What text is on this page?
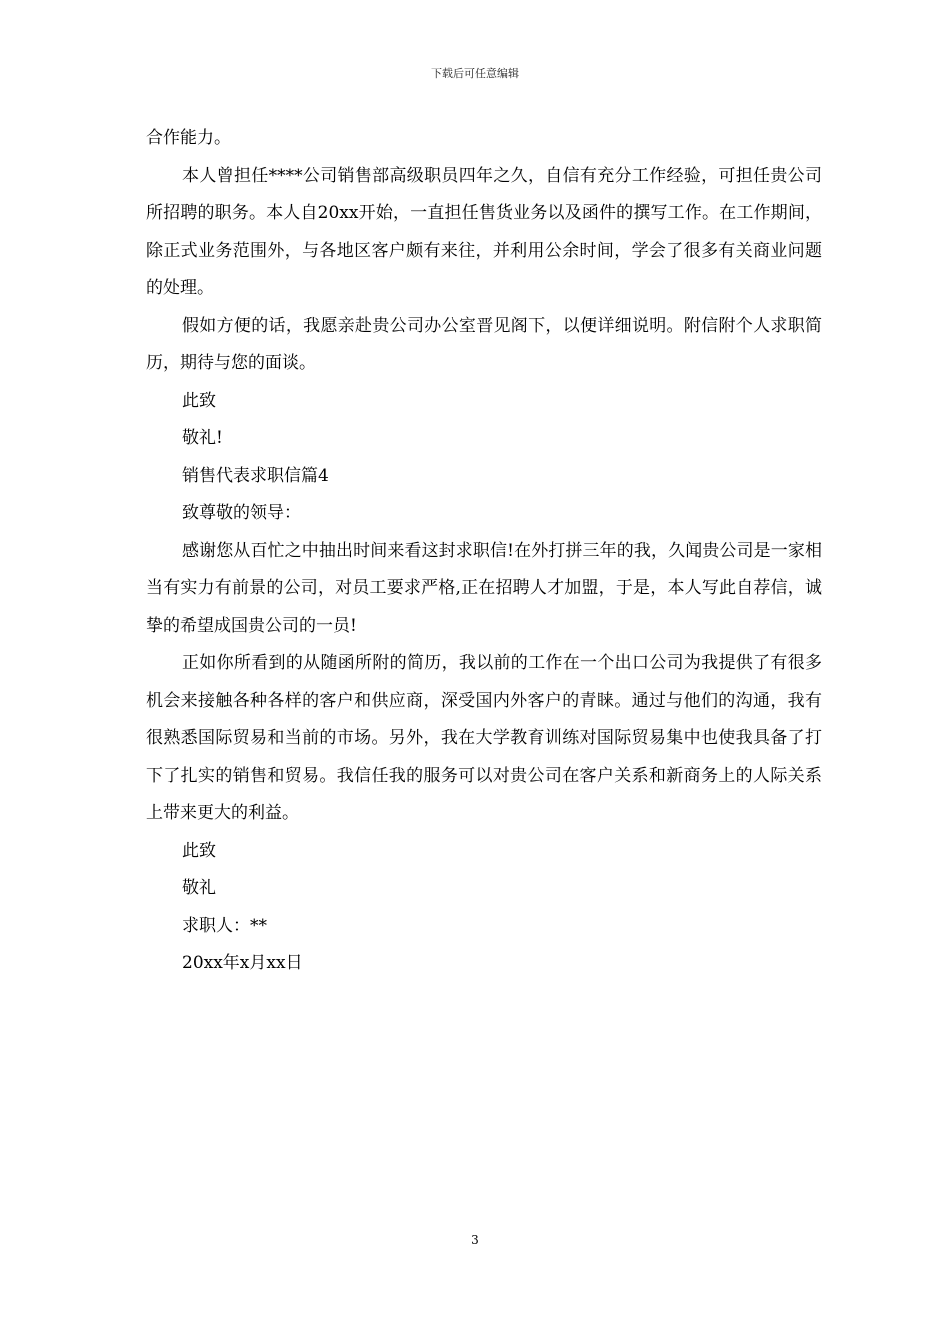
下载后可任意编辑

合作能力。

本人曾担任****公司销售部高级职员四年之久，自信有充分工作经验，可担任贵公司所招聘的职务。本人自20xx开始，一直担任售货业务以及函件的撰写工作。在工作期间，除正式业务范围外，与各地区客户颇有来往，并利用公余时间，学会了很多有关商业问题的处理。

假如方便的话，我愿亲赴贵公司办公室晋见阁下，以便详细说明。附信附个人求职简历，期待与您的面谈。

此致

敬礼!

销售代表求职信篇4

致尊敬的领导：

感谢您从百忙之中抽出时间来看这封求职信!在外打拼三年的我，久闻贵公司是一家相当有实力有前景的公司，对员工要求严格,正在招聘人才加盟，于是，本人写此自荐信，诚挚的希望成国贵公司的一员!

正如你所看到的从随函所附的简历，我以前的工作在一个出口公司为我提供了有很多机会来接触各种各样的客户和供应商，深受国内外客户的青睐。通过与他们的沟通，我有很熟悉国际贸易和当前的市场。另外，我在大学教育训练对国际贸易集中也使我具备了打下了扎实的销售和贸易。我信任我的服务可以对贵公司在客户关系和新商务上的人际关系上带来更大的利益。

此致

敬礼

求职人：**

20xx年x月xx日

3
